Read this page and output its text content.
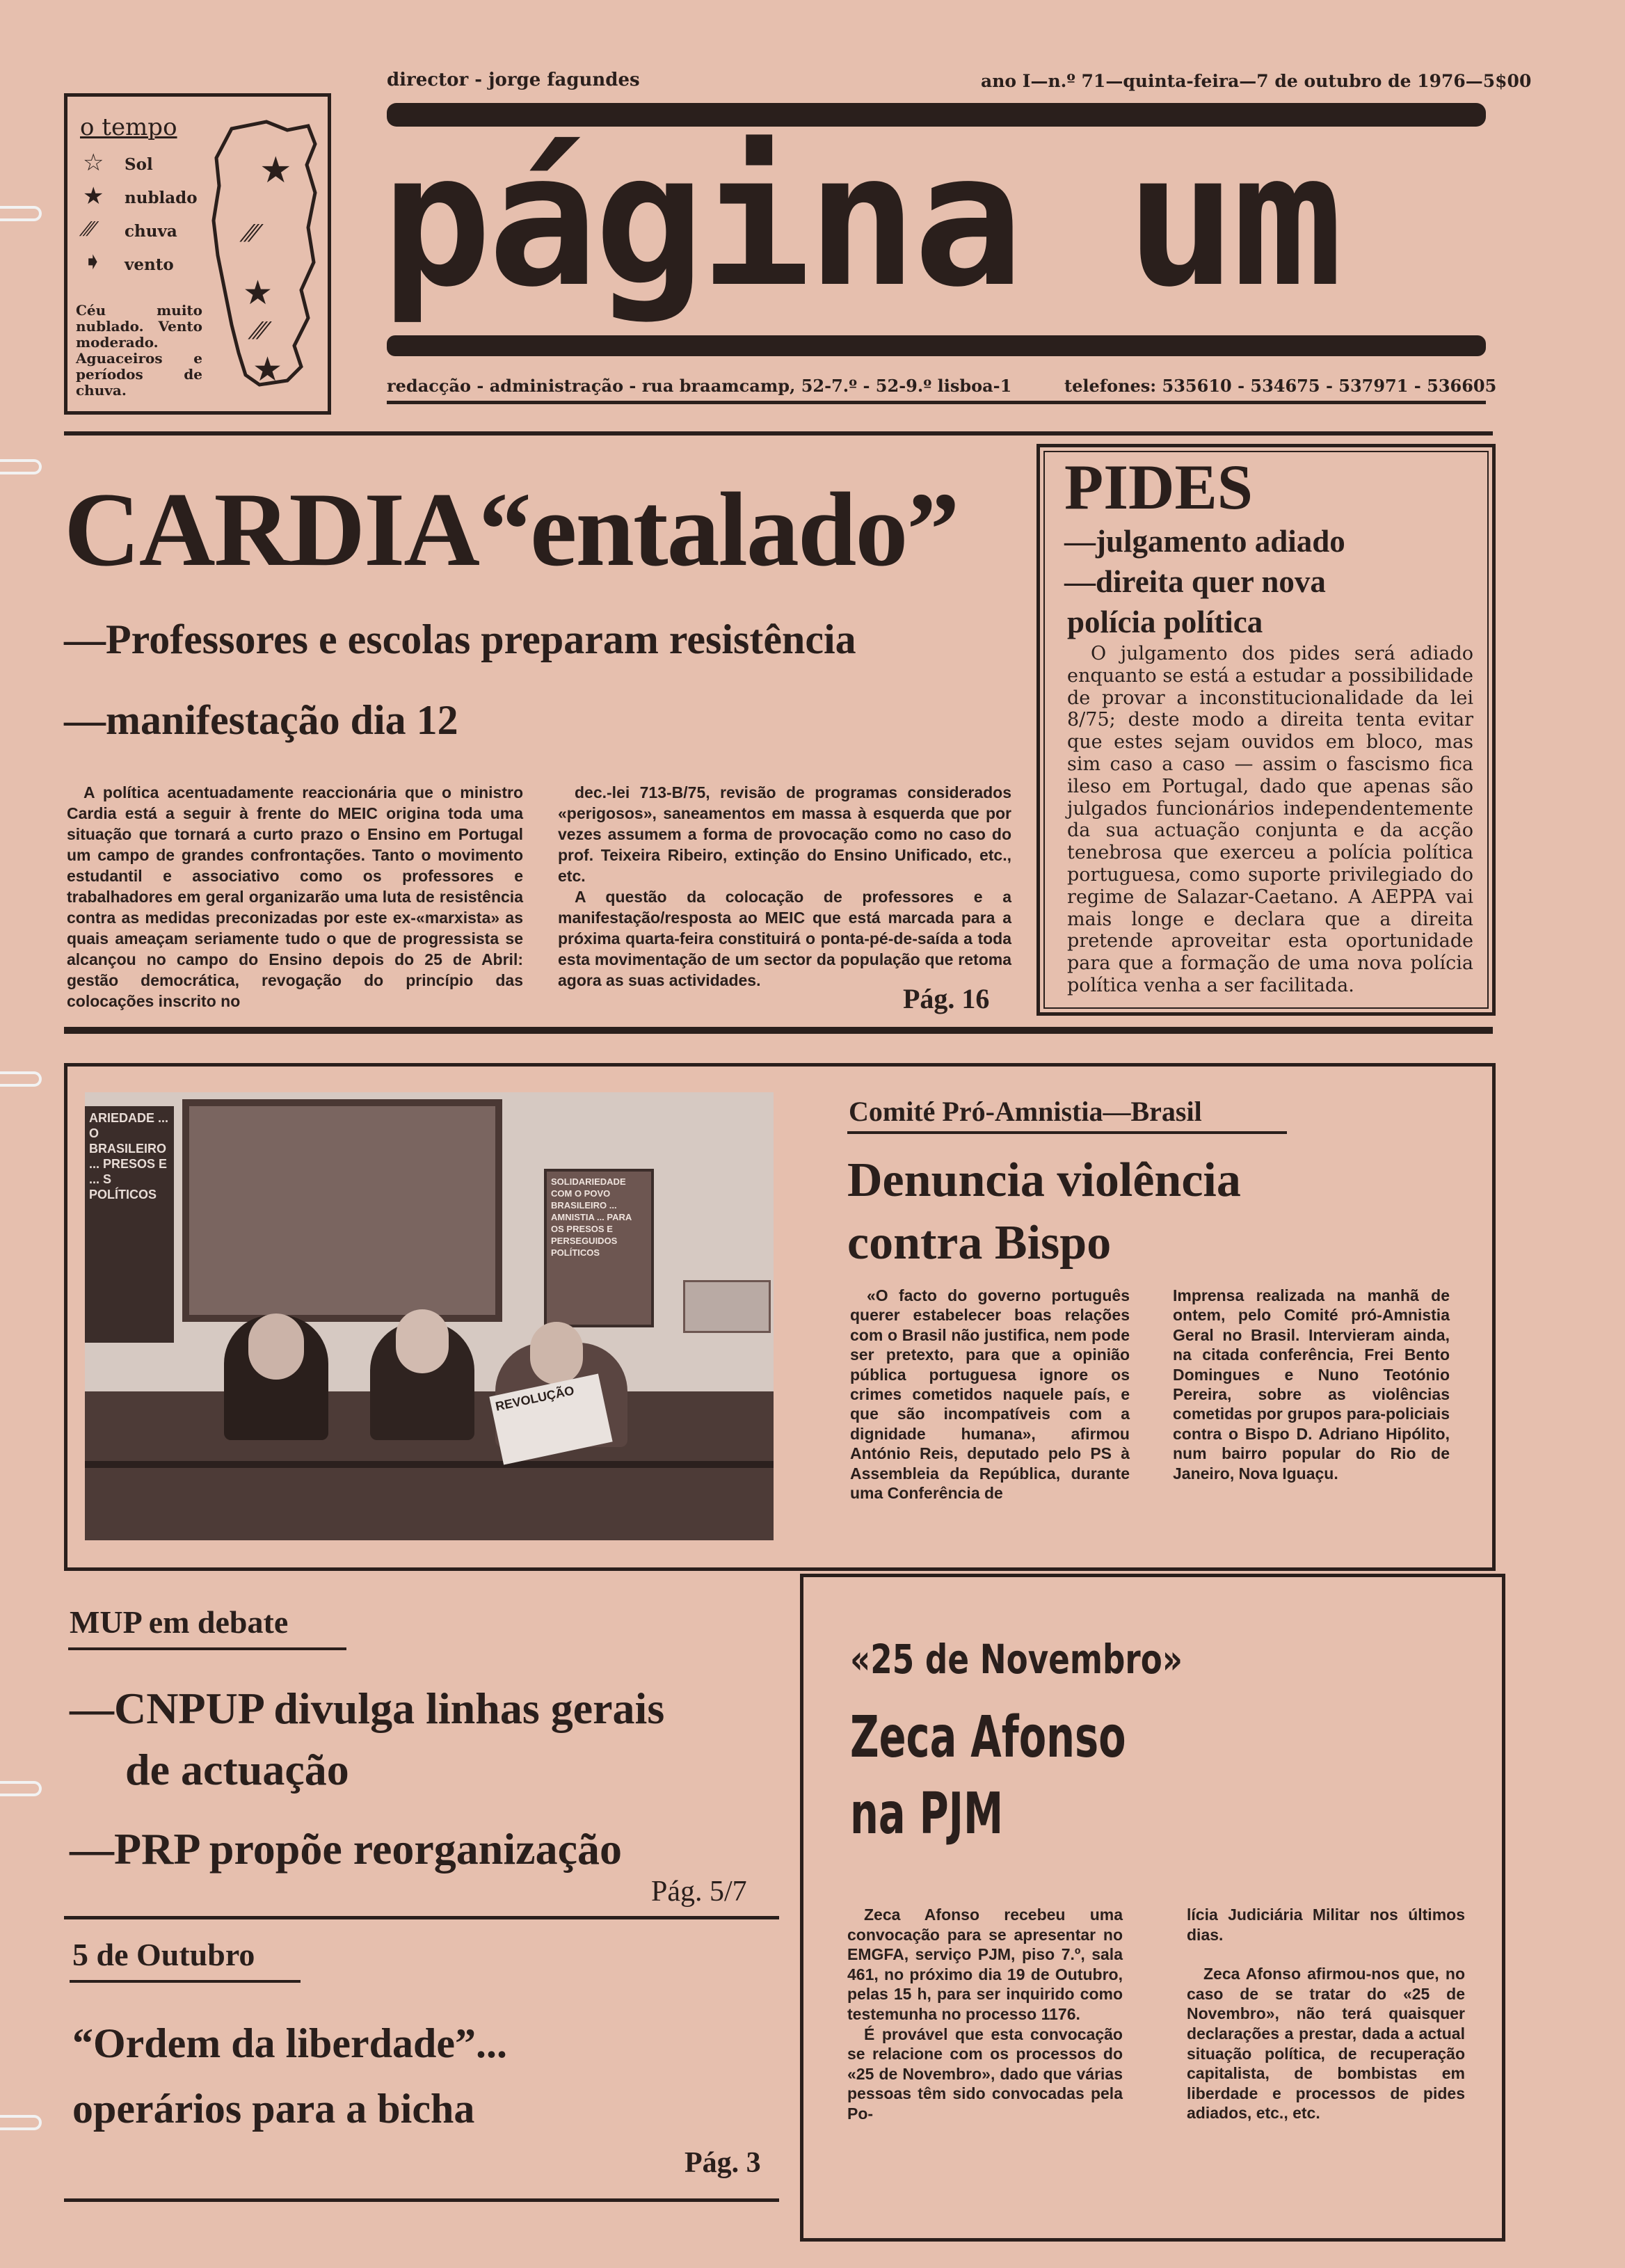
director - jorge fagundes	ano I—n.º 71—quinta-feira—7 de outubro de 1976—5$00
o tempo
☆	Sol
★ nublado
⁄⁄⁄ chuva
➧ vento
Céu muito nublado. Vento moderado. Aguaceiros e períodos de chuva.
★
⁄⁄⁄
★
⁄⁄⁄
★
página um
redacção - administração - rua braamcamp, 52-7.º - 52-9.º lisboa-1	telefones: 535610 - 534675 - 537971 - 536605
CARDIA“entalado”
—Professores e escolas preparam resistência
—manifestação dia 12

A política acentuadamente reaccionária que o ministro Cardia está a seguir à frente do MEIC origina toda uma situação que tornará a curto prazo o Ensino em Portugal um campo de grandes confrontações. Tanto o movimento estudantil e associativo como os professores e trabalhadores em geral organizarão uma luta de resistência contra as medidas preconizadas por este ex-«marxista» as quais ameaçam seriamente tudo o que de progressista se alcançou no campo do Ensino depois do 25 de Abril: gestão democrática, revogação do princípio das colocações inscrito no

dec.-lei 713-B/75, revisão de programas considerados «perigosos», saneamentos em massa à esquerda que por vezes assumem a forma de provocação como no caso do prof. Teixeira Ribeiro, extinção do Ensino Unificado, etc., etc.

A questão da colocação de professores e a manifestação/resposta ao MEIC que está marcada para a próxima quarta-feira constituirá o ponta-pé-de-saída a toda esta movimentação de um sector da população que retoma agora as suas actividades.

Pág. 16
PIDES
—julgamento adiado
—direita quer nova
polícia política
O julgamento dos pides será adiado enquanto se está a estudar a possibilidade de provar a inconstitucionalidade da lei 8/75; deste modo a direita tenta evitar que estes sejam ouvidos em bloco, mas sim caso a caso — assim o fascismo fica ileso em Portugal, dado que apenas são julgados funcionários independentemente da sua actuação conjunta e da acção tenebrosa que exerceu a polícia política portuguesa, como suporte privilegiado do regime de Salazar-Caetano. A AEPPA vai mais longe e declara que a direita pretende aproveitar esta oportunidade para que a formação de uma nova polícia política venha a ser facilitada.
ARIEDADE ... O BRASILEIRO ... PRESOS E ... S POLÍTICOS
SOLIDARIEDADE COM O POVO BRASILEIRO ... AMNISTIA ... PARA OS PRESOS E PERSEGUIDOS POLÍTICOS
REVOLUÇÃO
Comité Pró-Amnistia—Brasil
Denuncia violência
contra Bispo
«O facto do governo português querer estabelecer boas relações com o Brasil não justifica, nem pode ser pretexto, para que a opinião pública portuguesa ignore os crimes cometidos naquele país, e que são incompatíveis com a dignidade humana», afirmou António Reis, deputado pelo PS à Assembleia da República, durante uma Conferência de
Imprensa realizada na manhã de ontem, pelo Comité pró-Amnistia Geral no Brasil. Intervieram ainda, na citada conferência, Frei Bento Domingues e Nuno Teotónio Pereira, sobre as violências cometidas por grupos para-policiais contra o Bispo D. Adriano Hipólito, num bairro popular do Rio de Janeiro, Nova Iguaçu.
MUP em debate
—CNPUP divulga linhas gerais
de actuação
—PRP propõe reorganização
Pág. 5/7
5 de Outubro
“Ordem da liberdade”...
operários para a bicha
Pág. 3
«25 de Novembro»
Zeca Afonso
na PJM

Zeca Afonso recebeu uma convocação para se apresentar no EMGFA, serviço PJM, piso 7.º, sala 461, no próximo dia 19 de Outubro, pelas 15 h, para ser inquirido como testemunha no processo 1176.

É provável que esta convocação se relacione com os processos do «25 de Novembro», dado que várias pessoas têm sido convocadas pela Po-

lícia Judiciária Militar nos últimos dias.

Zeca Afonso afirmou-nos que, no caso de se tratar do «25 de Novembro», não terá quaisquer declarações a prestar, dada a actual situação política, de recuperação capitalista, de bombistas em liberdade e processos de pides adiados, etc., etc.
